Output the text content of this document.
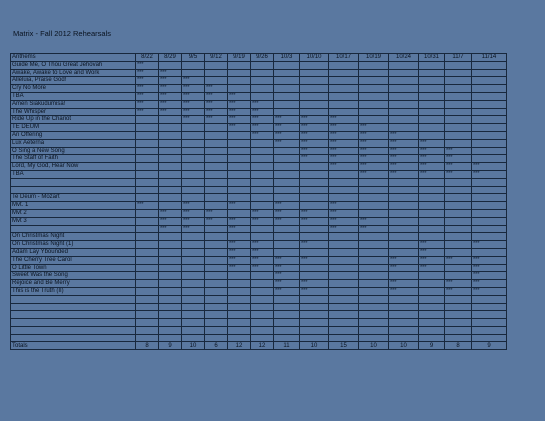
Matrix - Fall 2012 Rehearsals
Anthems	8/22	8/29	9/5	9/12	9/19	9/26	10/3	10/10	10/17	10/19	10/24	10/31	11/7	11/14
Guide Me, O Thou Great Jehovah	***													
Awake, Awake to Love and Work	***	***												
Alleluia, Praise God!	***	***	***											
Cry No More	***	***	***	***										
TBA	***	***	***	***	***									
Amen Siakudumisa!	***	***	***	***	***	***								
The Whisper	***	***	***	***	***	***								
Ride Up in the Chariot			***	***	***	***	***	***	***					
TE DEUM					***	***	***	***	***	***				
An Offering						***	***	***	***	***	***			
Lux Aeterna							***	***	***	***	***	***		
O Sing a New Song								***	***	***	***	***	***	
The Staff of Faith								***	***	***	***	***	***	
Lord, My God, Hear Now									***	***	***	***	***	***
TBA										***	***	***	***	***

Te Deum - Mozart														
Mvt. 1	***		***		***		***		***					
Mvt 2		***	***	***		***	***	***	***					
Mvt 3		***	***	***	***	***	***	***	***	***				
		***	***		***				***	***				
On Christmas Night														
On Christmas Night (1)					***	***		***				***		***
Adam Lay Ybounded					***	***						***		
The Cherry Tree Carol					***	***	***	***			***	***	***	***
O Little Town					***	***	***				***	***		***
Sweet Was the Song							***							***
Rejoice and Be Merry							***	***			***		***	***
This is the Truth (II)							***	***			***		***	***

Totals	8	9	10	6	12	12	11	10	15	10	10	9	8	9
